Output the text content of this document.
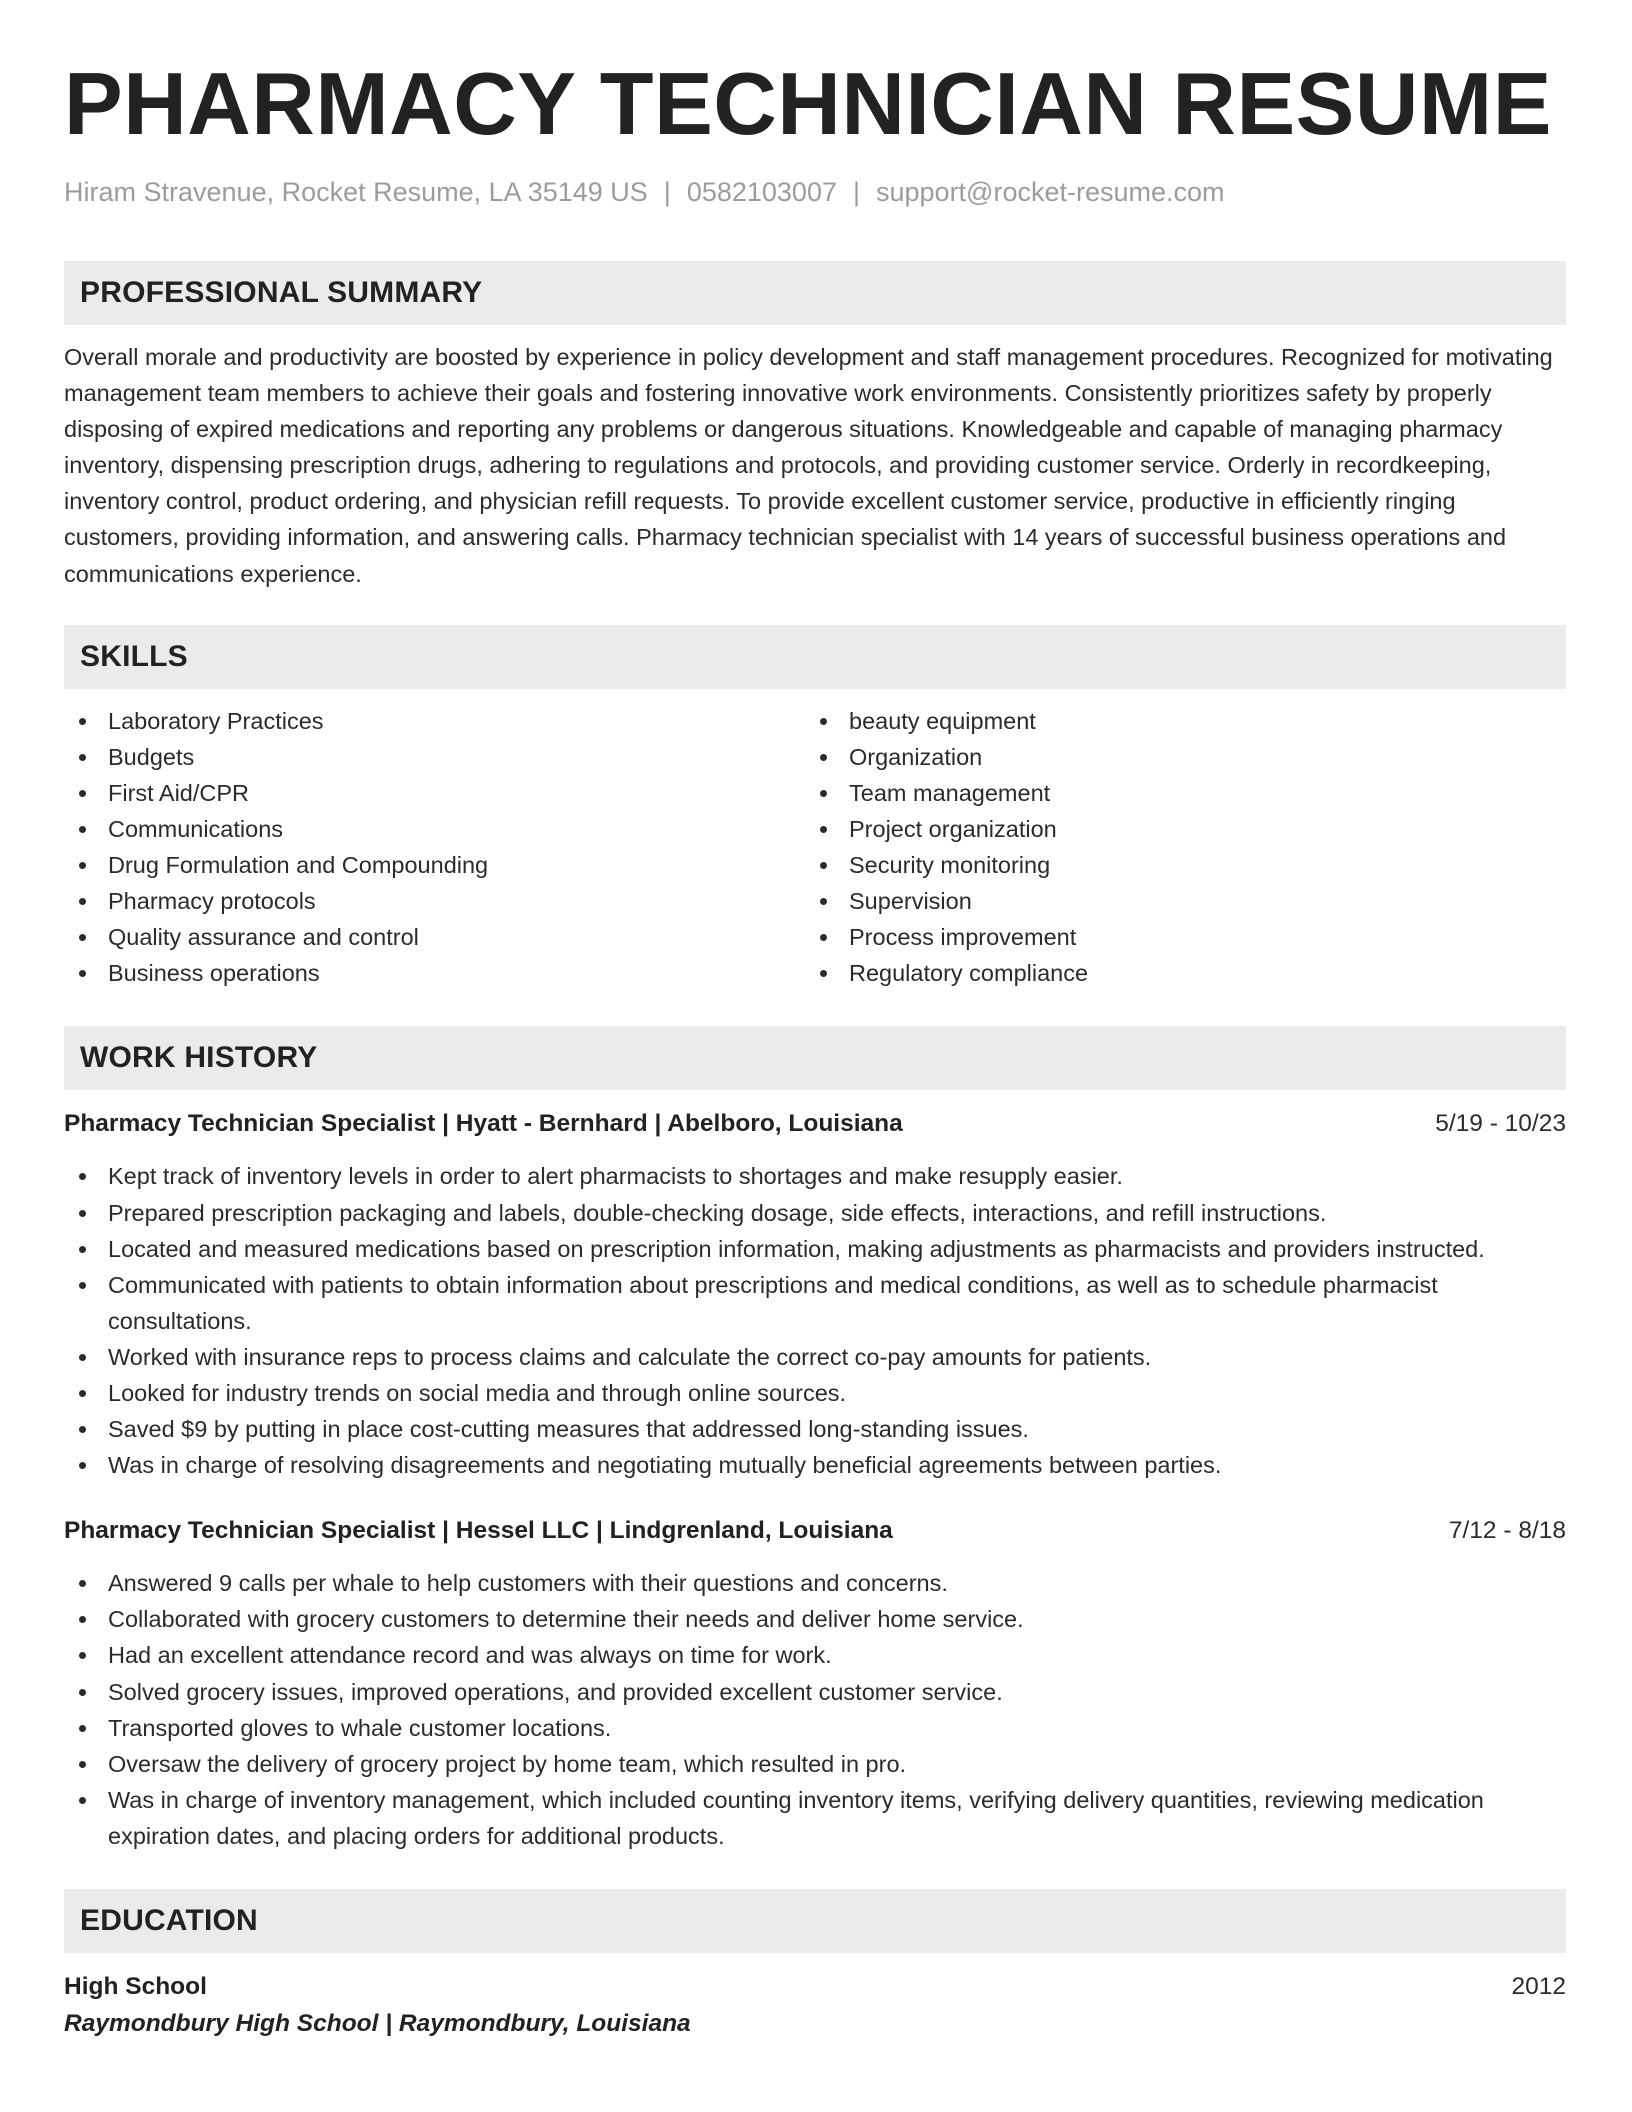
PHARMACY TECHNICIAN RESUME
Hiram Stravenue, Rocket Resume, LA 35149 US | 0582103007 | support@rocket-resume.com
PROFESSIONAL SUMMARY
Overall morale and productivity are boosted by experience in policy development and staff management procedures. Recognized for motivating management team members to achieve their goals and fostering innovative work environments. Consistently prioritizes safety by properly disposing of expired medications and reporting any problems or dangerous situations. Knowledgeable and capable of managing pharmacy inventory, dispensing prescription drugs, adhering to regulations and protocols, and providing customer service. Orderly in recordkeeping, inventory control, product ordering, and physician refill requests. To provide excellent customer service, productive in efficiently ringing customers, providing information, and answering calls. Pharmacy technician specialist with 14 years of successful business operations and communications experience.
SKILLS
Laboratory Practices
Budgets
First Aid/CPR
Communications
Drug Formulation and Compounding
Pharmacy protocols
Quality assurance and control
Business operations
beauty equipment
Organization
Team management
Project organization
Security monitoring
Supervision
Process improvement
Regulatory compliance
WORK HISTORY
Pharmacy Technician Specialist | Hyatt - Bernhard | Abelboro, Louisiana	5/19 - 10/23
Kept track of inventory levels in order to alert pharmacists to shortages and make resupply easier.
Prepared prescription packaging and labels, double-checking dosage, side effects, interactions, and refill instructions.
Located and measured medications based on prescription information, making adjustments as pharmacists and providers instructed.
Communicated with patients to obtain information about prescriptions and medical conditions, as well as to schedule pharmacist consultations.
Worked with insurance reps to process claims and calculate the correct co-pay amounts for patients.
Looked for industry trends on social media and through online sources.
Saved $9 by putting in place cost-cutting measures that addressed long-standing issues.
Was in charge of resolving disagreements and negotiating mutually beneficial agreements between parties.
Pharmacy Technician Specialist | Hessel LLC | Lindgrenland, Louisiana	7/12 - 8/18
Answered 9 calls per whale to help customers with their questions and concerns.
Collaborated with grocery customers to determine their needs and deliver home service.
Had an excellent attendance record and was always on time for work.
Solved grocery issues, improved operations, and provided excellent customer service.
Transported gloves to whale customer locations.
Oversaw the delivery of grocery project by home team, which resulted in pro.
Was in charge of inventory management, which included counting inventory items, verifying delivery quantities, reviewing medication expiration dates, and placing orders for additional products.
EDUCATION
High School	2012
Raymondbury High School | Raymondbury, Louisiana
